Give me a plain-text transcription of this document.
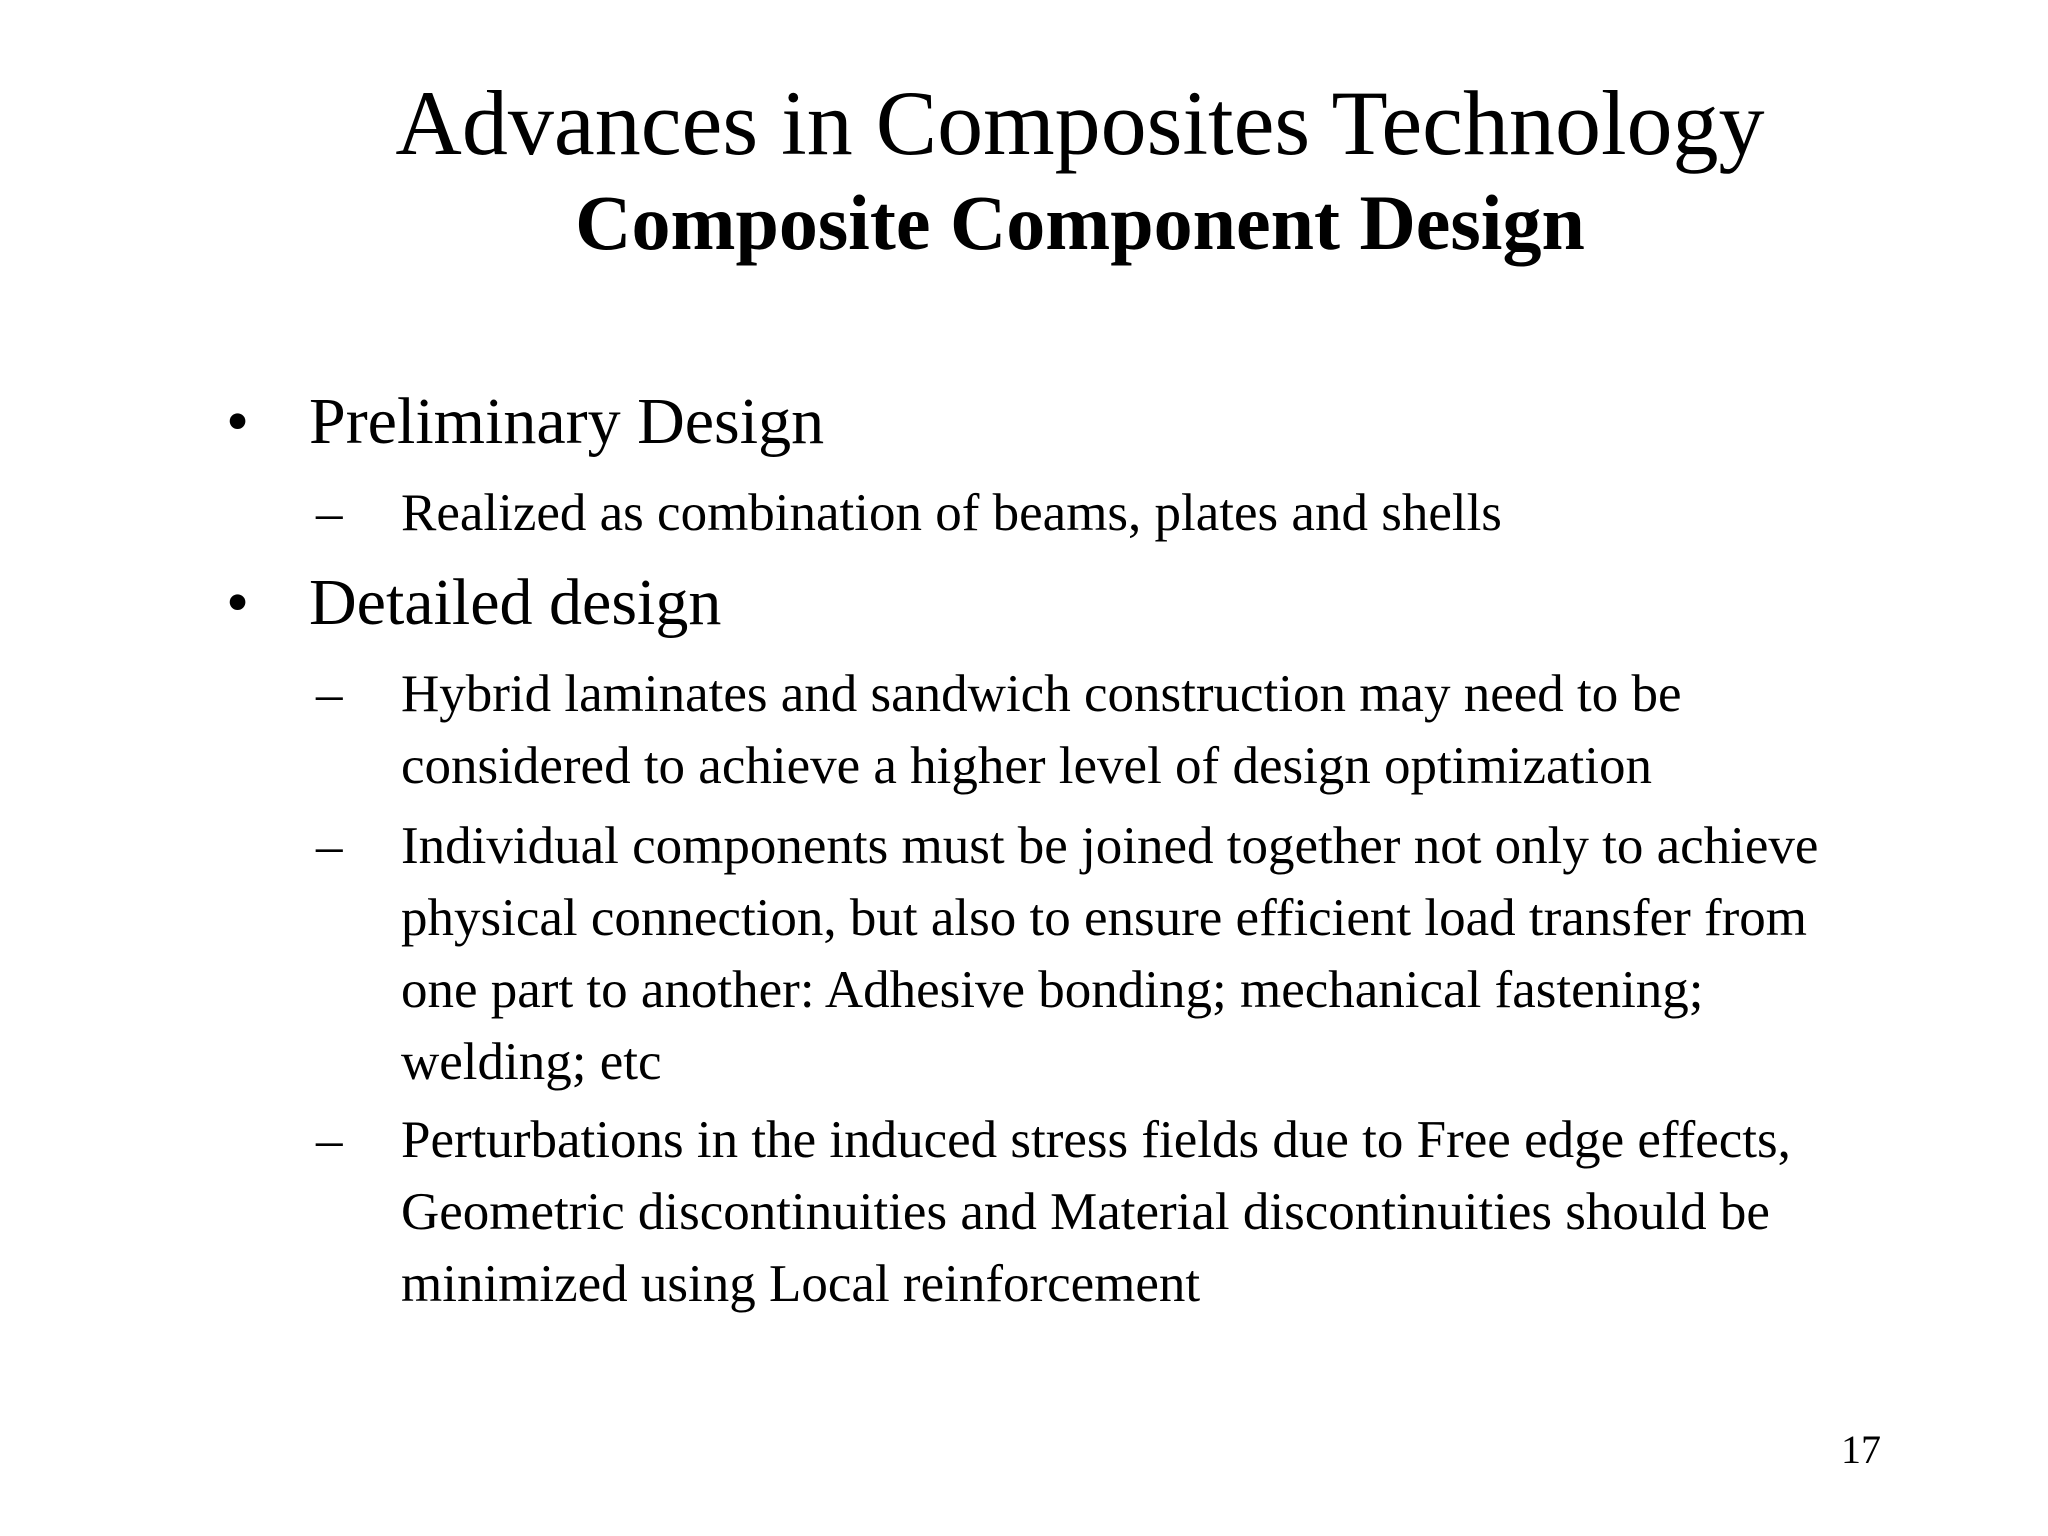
Advances in Composites Technology
Composite Component Design
• Preliminary Design
– Realized as combination of beams, plates and shells
• Detailed design
– Hybrid laminates and sandwich construction may need to be
considered to achieve a higher level of design optimization
– Individual components must be joined together not only to achieve
physical connection, but also to ensure efficient load transfer from
one part to another: Adhesive bonding; mechanical fastening;
welding; etc
– Perturbations in the induced stress fields due to Free edge effects,
Geometric discontinuities and Material discontinuities should be
minimized using Local reinforcement
17
